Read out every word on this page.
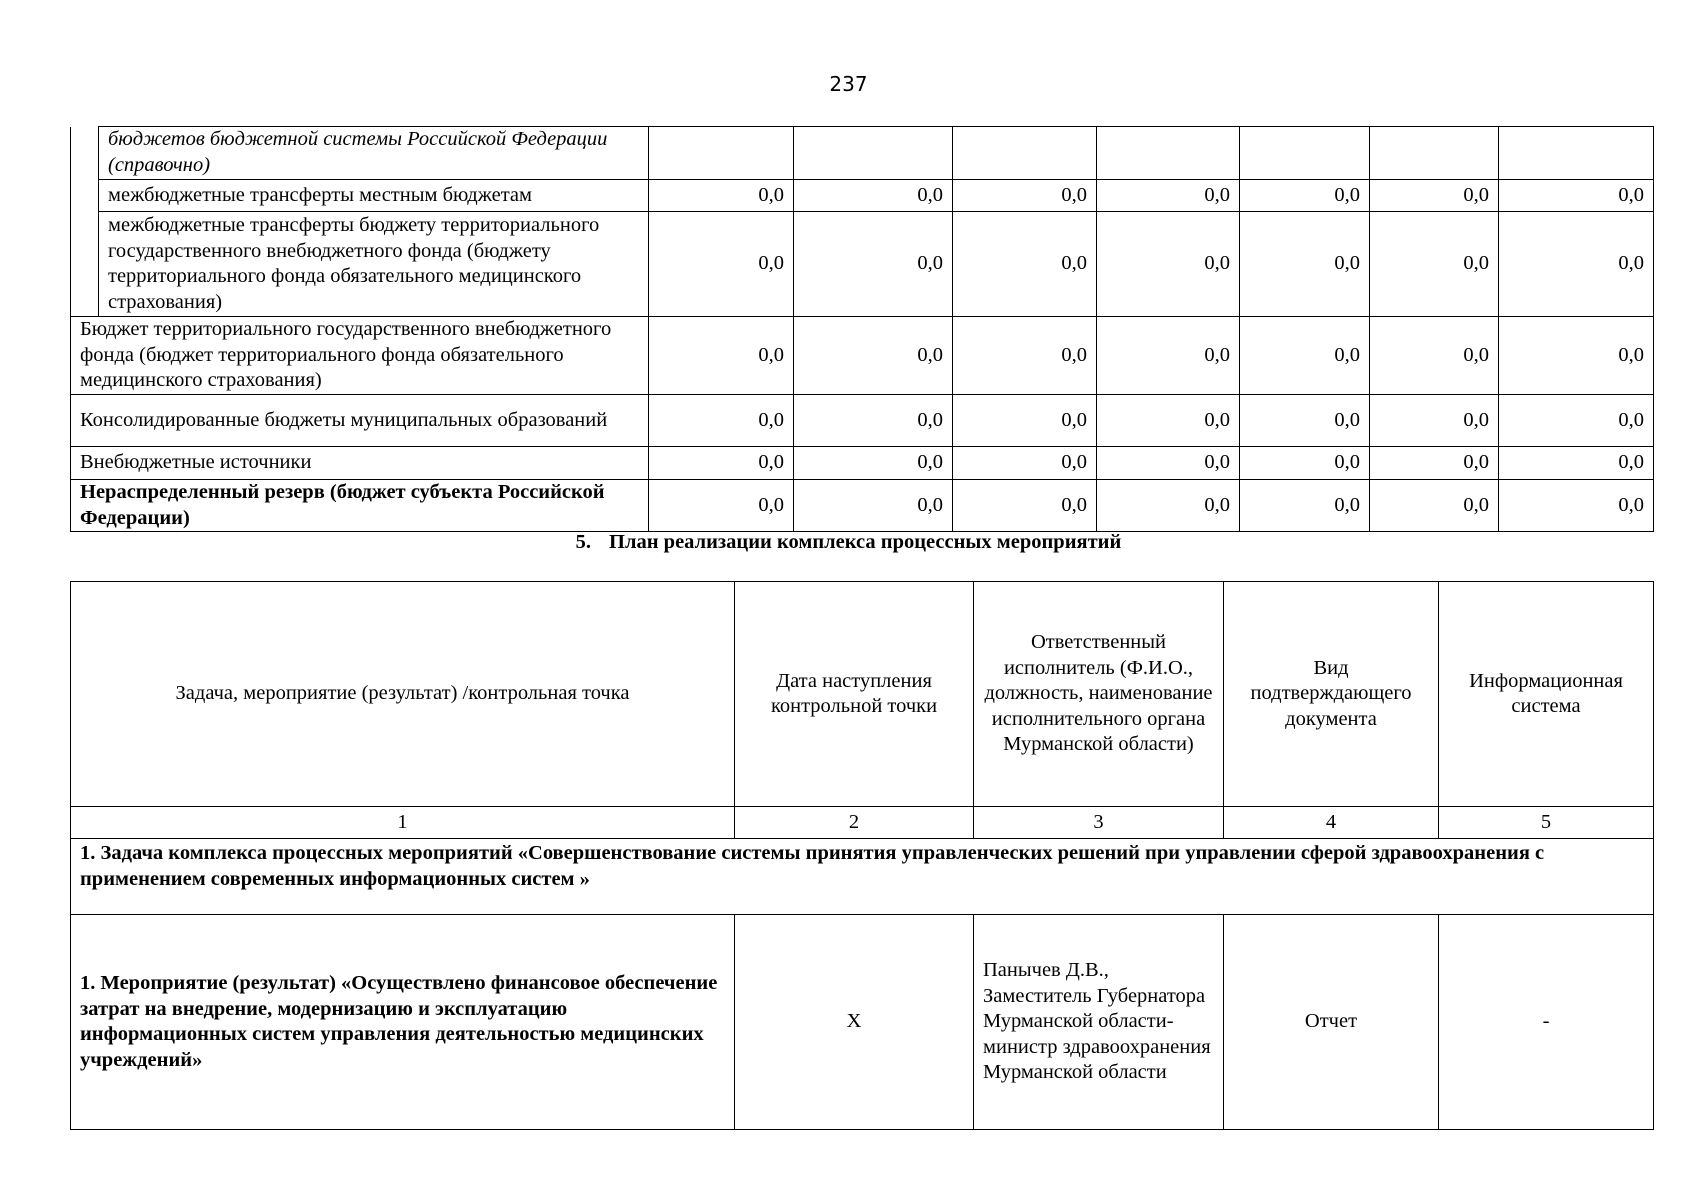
237
	бюджетов бюджетной системы Российской Федерации (справочно)							
	межбюджетные трансферты местным бюджетам	0,0	0,0	0,0	0,0	0,0	0,0	0,0
	межбюджетные трансферты бюджету территориального государственного внебюджетного фонда (бюджету территориального фонда обязательного медицинского страхования)	0,0	0,0	0,0	0,0	0,0	0,0	0,0
Бюджет территориального государственного внебюджетного фонда (бюджет территориального фонда обязательного медицинского страхования)		0,0	0,0	0,0	0,0	0,0	0,0	0,0
Консолидированные бюджеты муниципальных образований		0,0	0,0	0,0	0,0	0,0	0,0	0,0
Внебюджетные источники		0,0	0,0	0,0	0,0	0,0	0,0	0,0
Нераспределенный резерв (бюджет субъекта Российской Федерации)		0,0	0,0	0,0	0,0	0,0	0,0	0,0
5. План реализации комплекса процессных мероприятий
Задача, мероприятие (результат) /контрольная точка	Дата наступления контрольной точки	Ответственный исполнитель (Ф.И.О., должность, наименование исполнительного органа Мурманской области)	Вид подтверждающего документа	Информационная система
1	2	3	4	5
1. Задача комплекса процессных мероприятий «Совершенствование системы принятия управленческих решений при управлении сферой здравоохранения с применением современных информационных систем »				
1. Мероприятие (результат) «Осуществлено финансовое обеспечение затрат на внедрение, модернизацию и эксплуатацию информационных систем управления деятельностью медицинских учреждений»	X	Панычев Д.В., Заместитель Губернатора Мурманской области- министр здравоохранения Мурманской области	Отчет	-
